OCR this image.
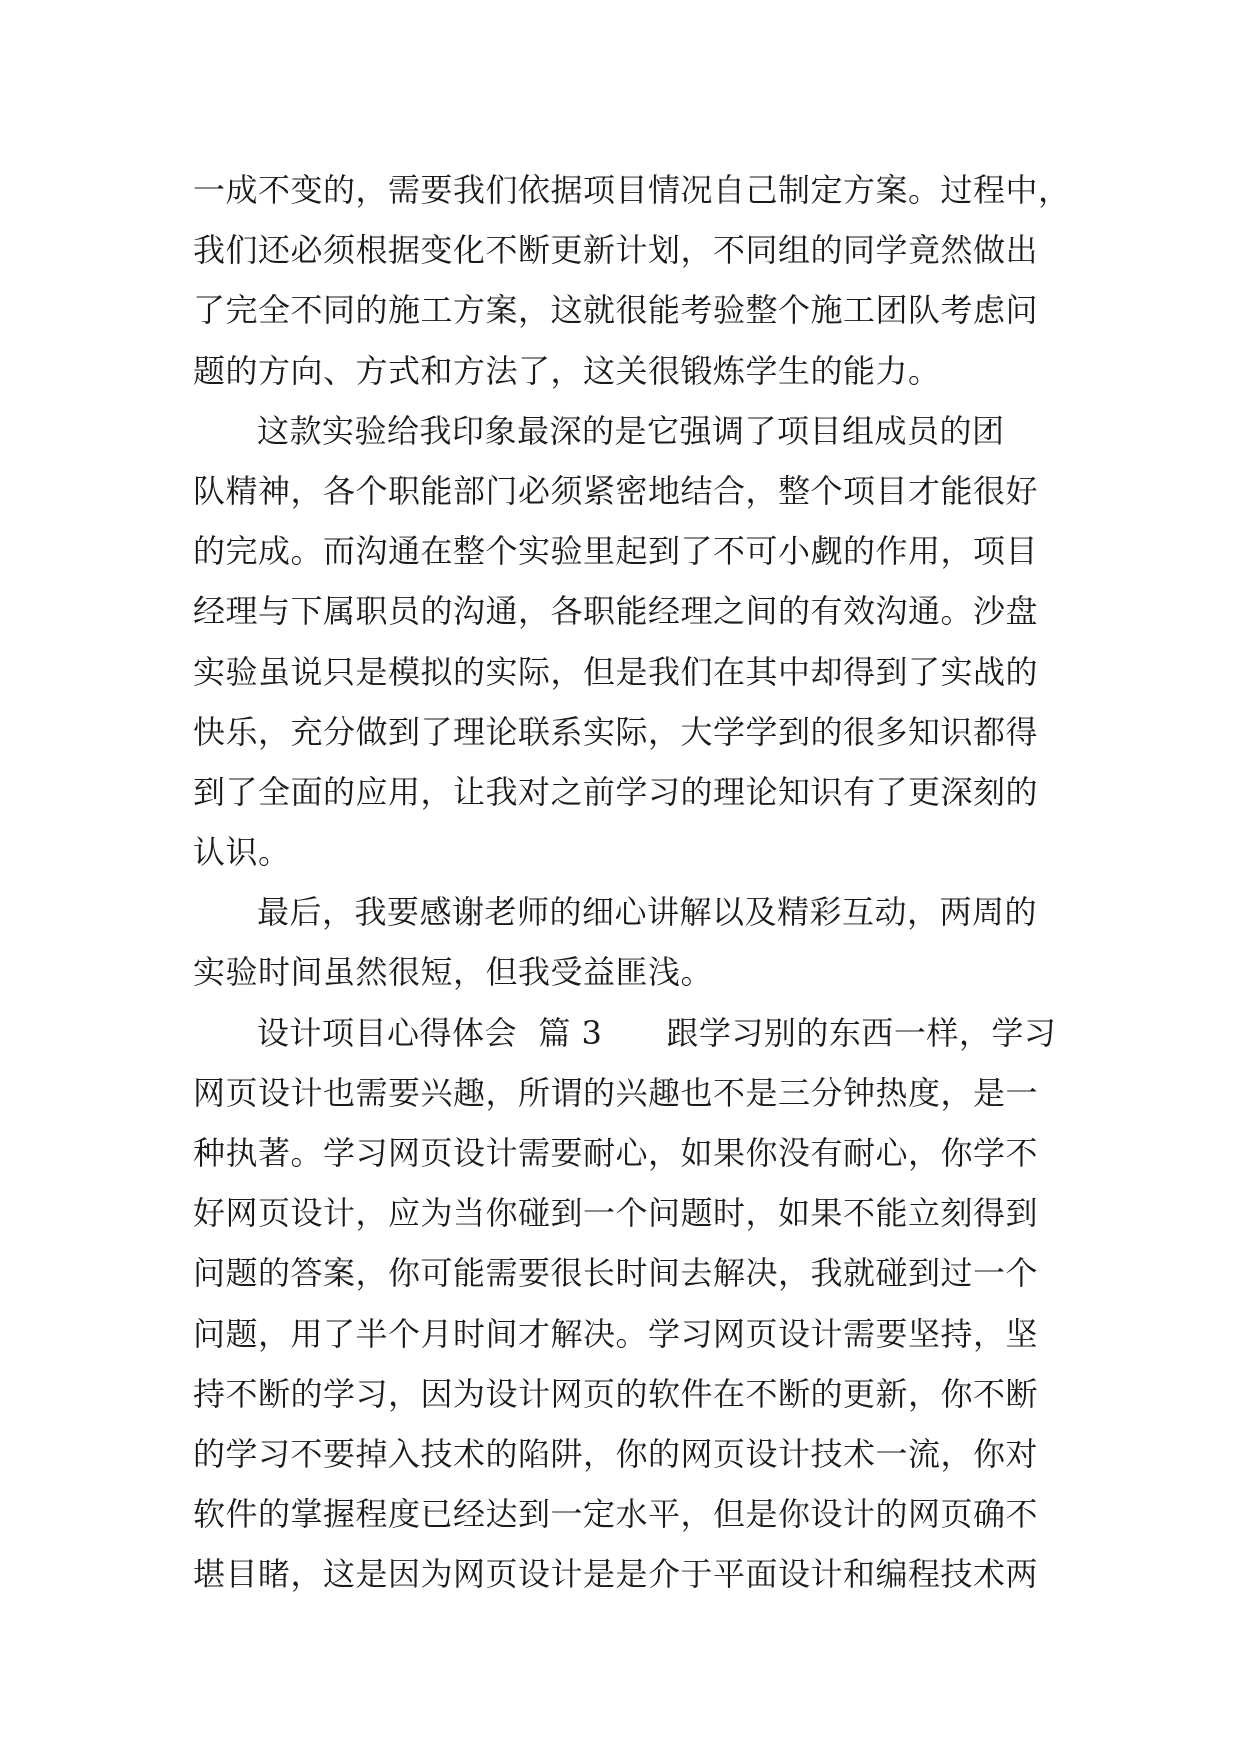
一成不变的，需要我们依据项目情况自己制定方案。过程中，
我们还必须根据变化不断更新计划，不同组的同学竟然做出
了完全不同的施工方案，这就很能考验整个施工团队考虑问
题的方向、方式和方法了，这关很锻炼学生的能力。
这款实验给我印象最深的是它强调了项目组成员的团
队精神，各个职能部门必须紧密地结合，整个项目才能很好
的完成。而沟通在整个实验里起到了不可小觑的作用，项目
经理与下属职员的沟通，各职能经理之间的有效沟通。沙盘
实验虽说只是模拟的实际，但是我们在其中却得到了实战的
快乐，充分做到了理论联系实际，大学学到的很多知识都得
到了全面的应用，让我对之前学习的理论知识有了更深刻的
认识。
最后，我要感谢老师的细心讲解以及精彩互动，两周的
实验时间虽然很短，但我受益匪浅。
设计项目心得体会  篇 3      跟学习别的东西一样，学习
网页设计也需要兴趣，所谓的兴趣也不是三分钟热度，是一
种执著。学习网页设计需要耐心，如果你没有耐心，你学不
好网页设计，应为当你碰到一个问题时，如果不能立刻得到
问题的答案，你可能需要很长时间去解决，我就碰到过一个
问题，用了半个月时间才解决。学习网页设计需要坚持，坚
持不断的学习，因为设计网页的软件在不断的更新，你不断
的学习不要掉入技术的陷阱，你的网页设计技术一流，你对
软件的掌握程度已经达到一定水平，但是你设计的网页确不
堪目睹，这是因为网页设计是是介于平面设计和编程技术两
